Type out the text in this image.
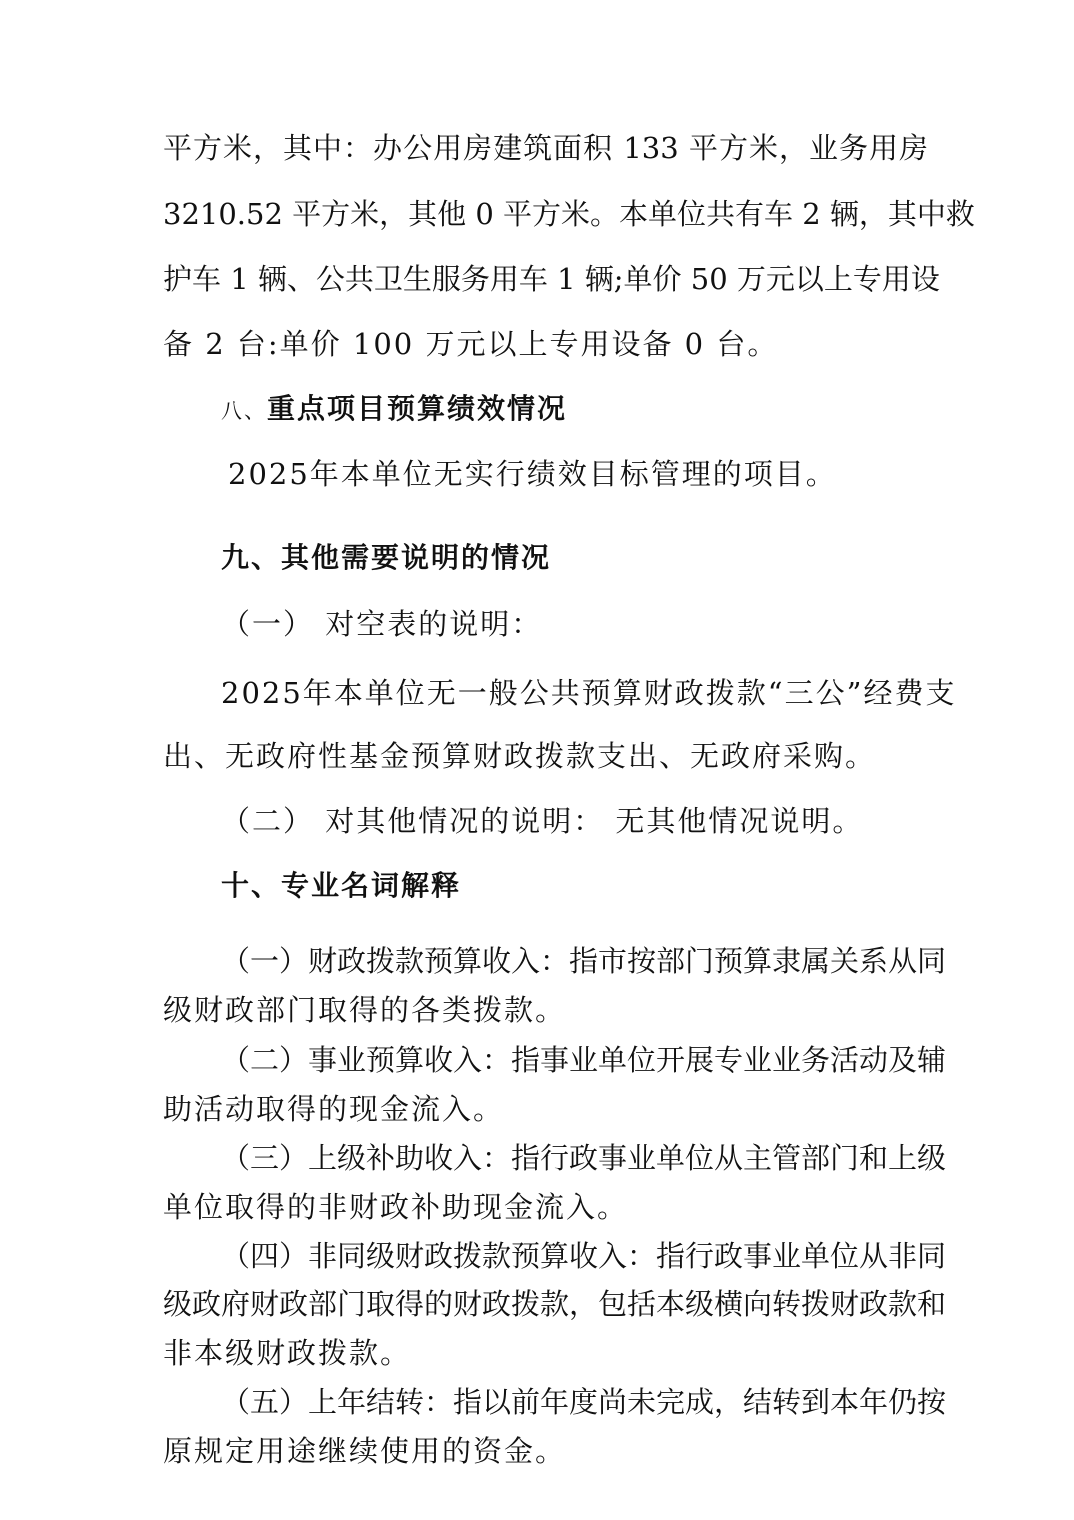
平方米，其中：办公用房建筑面积 133 平方米，业务用房
3210.52 平方米，其他 0 平方米。本单位共有车 2 辆，其中救
护车 1 辆、公共卫生服务用车 1 辆;单价 50 万元以上专用设
备 2 台:单价 100 万元以上专用设备 0 台。
八、重点项目预算绩效情况
2025年本单位无实行绩效目标管理的项目。
九、其他需要说明的情况
（一） 对空表的说明：
2025年本单位无一般公共预算财政拨款“三公”经费支
出、无政府性基金预算财政拨款支出、无政府采购。
（二） 对其他情况的说明： 无其他情况说明。
十、专业名词解释
（一）财政拨款预算收入：指市按部门预算隶属关系从同
级财政部门取得的各类拨款。
（二）事业预算收入：指事业单位开展专业业务活动及辅
助活动取得的现金流入。
（三）上级补助收入：指行政事业单位从主管部门和上级
单位取得的非财政补助现金流入。
（四）非同级财政拨款预算收入：指行政事业单位从非同
级政府财政部门取得的财政拨款，包括本级横向转拨财政款和
非本级财政拨款。
（五）上年结转：指以前年度尚未完成，结转到本年仍按
原规定用途继续使用的资金。
